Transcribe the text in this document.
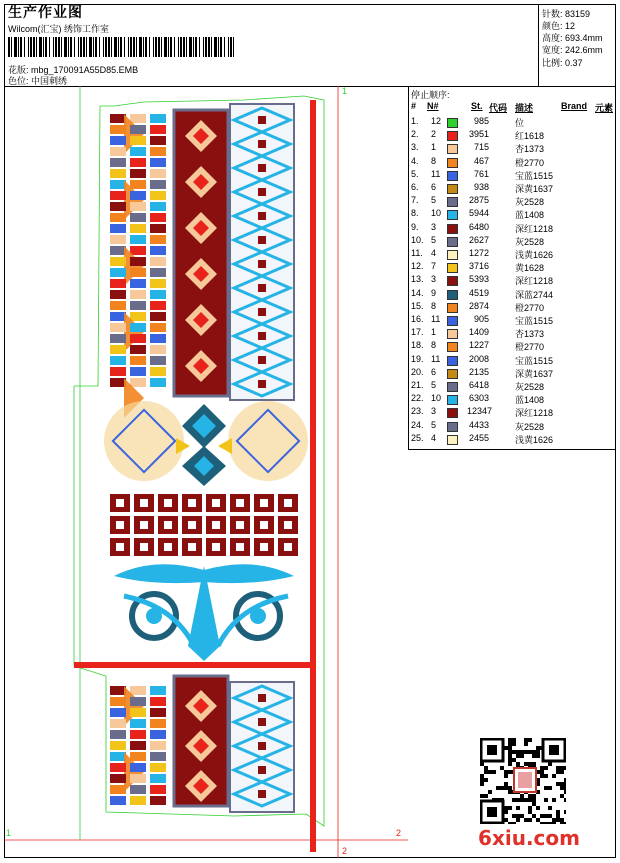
生产作业图
Wilcom(汇宝) 绣饰工作室
花版: mbg_170091A55D85.EMB
色位: 中国刺绣
针数: 83159
颜色: 12
高度: 693.4mm
宽度: 242.6mm
比例: 0.37
1
1	2
2
停止顺序:
# N#	St. 代码 描述	Brand 元素
1. 12	985	位
2. 2	3951	红1618
3. 1	715	杏1373
4. 8	467	橙2770
5. 11	761	宝蓝1515
6. 6	938	深黄1637
7. 5	2875	灰2528
8. 10	5944	蓝1408
9. 3	6480	深红1218
10. 5	2627	灰2528
11. 4	1272	浅黄1626
12. 7	3716	黄1628
13. 3	5393	深红1218
14. 9	4519	深蓝2744
15. 8	2874	橙2770
16. 11	905	宝蓝1515
17. 1	1409	杏1373
18. 8	1227	橙2770
19. 11	2008	宝蓝1515
20. 6	2135	深黄1637
21. 5	6418	灰2528
22. 10	6303	蓝1408
23. 3	12347	深红1218
24. 5	4433	灰2528
25. 4	2455	浅黄1626
6xiu.com
